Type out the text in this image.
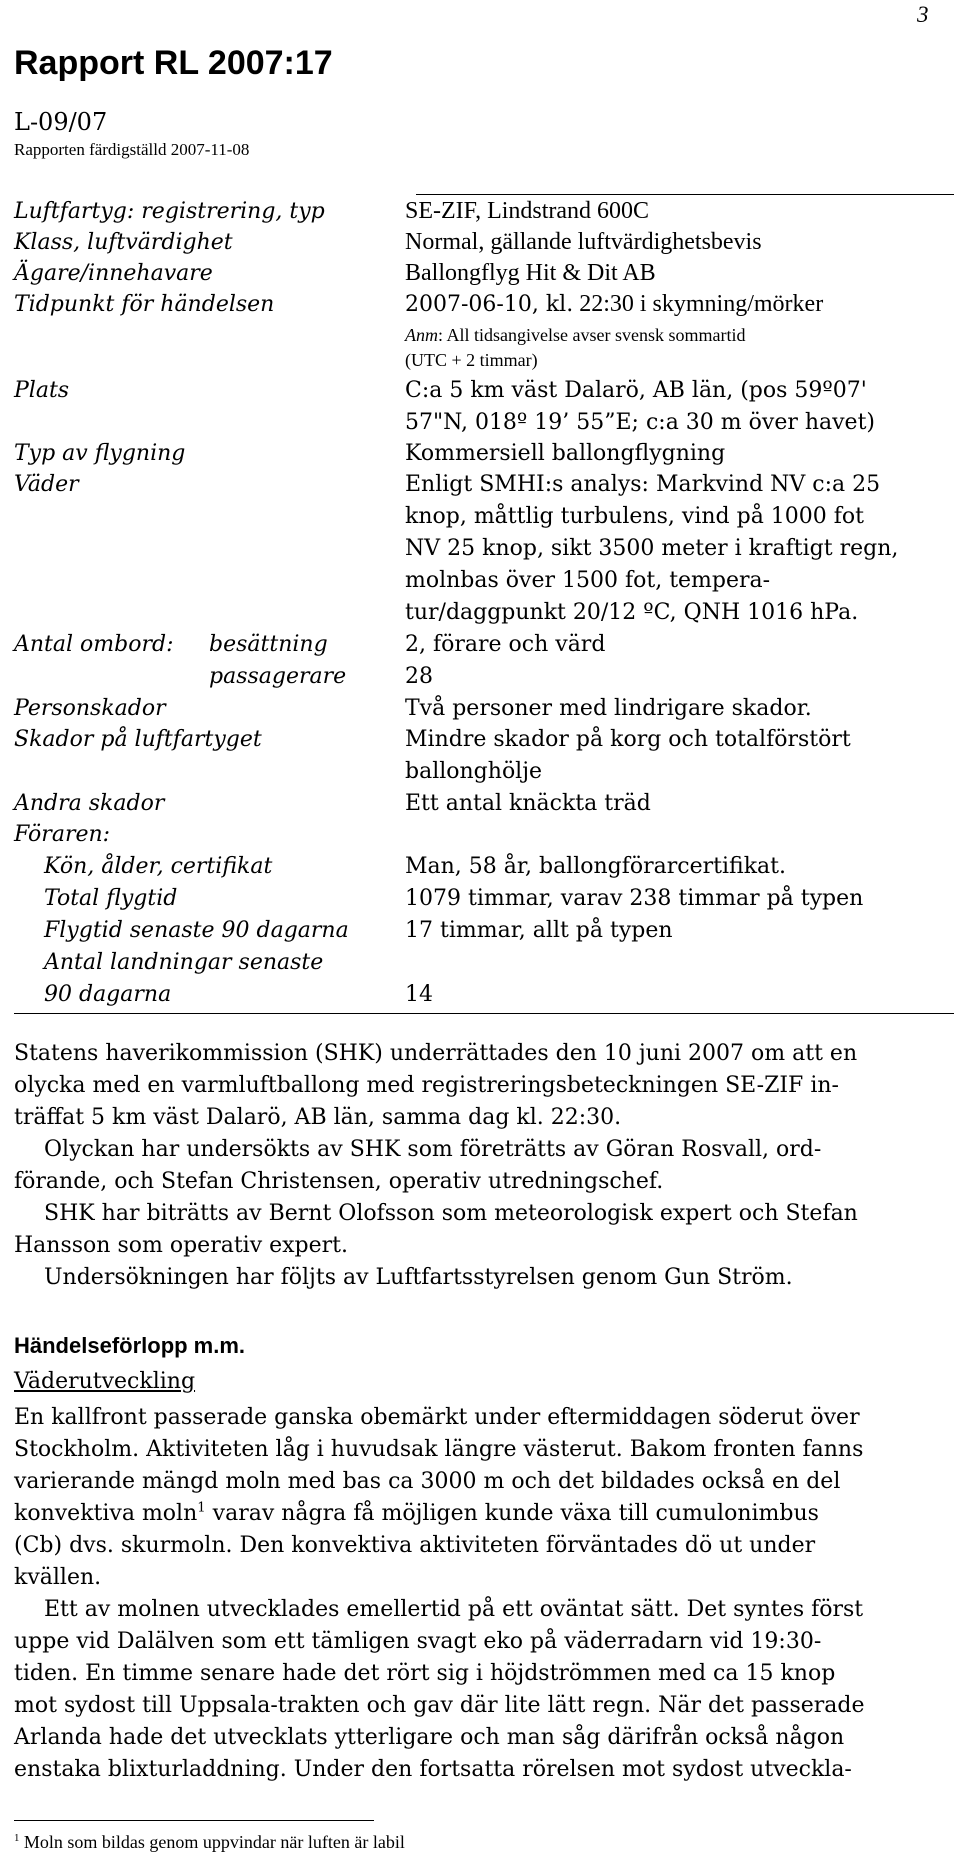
3
Rapport RL 2007:17
L-09/07
Rapporten färdigställd 2007-11-08
Luftfartyg: registrering, typ	SE-ZIF, Lindstrand 600C
Klass, luftvärdighet	Normal, gällande luftvärdighetsbevis
Ägare/innehavare	Ballongflyg Hit & Dit AB
Tidpunkt för händelsen	2007-06-10, kl. 22:30 i skymning/mörker
Anm: All tidsangivelse avser svensk sommartid
(UTC + 2 timmar)
Plats	C:a 5 km väst Dalarö, AB län, (pos 59º07'
57"N, 018º 19’ 55”E; c:a 30 m över havet)
Typ av flygning	Kommersiell ballongflygning
Väder	Enligt SMHI:s analys: Markvind NV c:a 25
knop, måttlig turbulens, vind på 1000 fot
NV 25 knop, sikt 3500 meter i kraftigt regn,
molnbas över 1500 fot, tempera-
tur/daggpunkt 20/12 ºC, QNH 1016 hPa.
Antal ombord: besättning	2, förare och värd
passagerare	28
Personskador	Två personer med lindrigare skador.
Skador på luftfartyget	Mindre skador på korg och totalförstört
ballonghölje
Andra skador	Ett antal knäckta träd
Föraren:
Kön, ålder, certifikat	Man, 58 år, ballongförarcertifikat.
Total flygtid	1079 timmar, varav 238 timmar på typen
Flygtid senaste 90 dagarna	17 timmar, allt på typen
Antal landningar senaste
90 dagarna	14
Statens haverikommission (SHK) underrättades den 10 juni 2007 om att en
olycka med en varmluftballong med registreringsbeteckningen SE-ZIF in-
träffat 5 km väst Dalarö, AB län, samma dag kl. 22:30.
Olyckan har undersökts av SHK som företrätts av Göran Rosvall, ord-
förande, och Stefan Christensen, operativ utredningschef.
SHK har biträtts av Bernt Olofsson som meteorologisk expert och Stefan
Hansson som operativ expert.
Undersökningen har följts av Luftfartsstyrelsen genom Gun Ström.
Händelseförlopp m.m.
Väderutveckling
En kallfront passerade ganska obemärkt under eftermiddagen söderut över
Stockholm. Aktiviteten låg i huvudsak längre västerut. Bakom fronten fanns
varierande mängd moln med bas ca 3000 m och det bildades också en del
konvektiva moln$^1$ varav några få möjligen kunde växa till cumulonimbus
(Cb) dvs. skurmoln. Den konvektiva aktiviteten förväntades dö ut under
kvällen.
Ett av molnen utvecklades emellertid på ett oväntat sätt. Det syntes först
uppe vid Dalälven som ett tämligen svagt eko på väderradarn vid 19:30-
tiden. En timme senare hade det rört sig i höjdströmmen med ca 15 knop
mot sydost till Uppsala-trakten och gav där lite lätt regn. När det passerade
Arlanda hade det utvecklats ytterligare och man såg därifrån också någon
enstaka blixturladdning. Under den fortsatta rörelsen mot sydost utveckla-
$^1$ Moln som bildas genom uppvindar när luften är labil
